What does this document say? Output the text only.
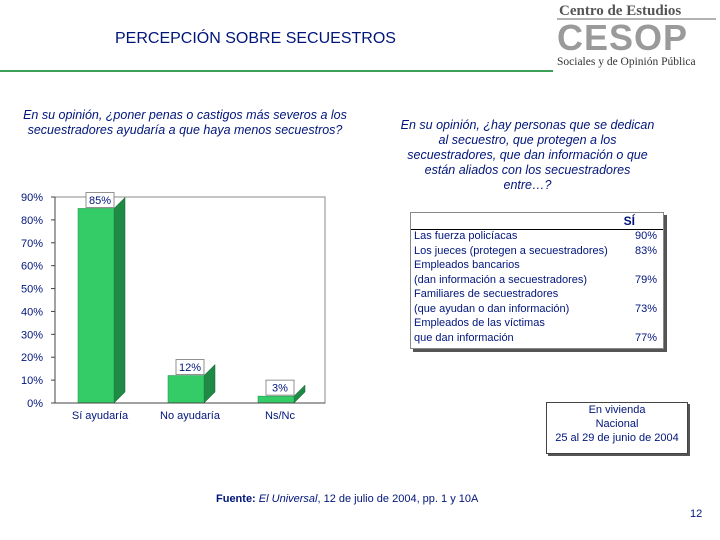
PERCEPCIÓN SOBRE SECUESTROS
Centro de Estudios
CESOP
Sociales y de Opinión Pública
En su opinión, ¿poner penas o castigos más severos a los secuestradores ayudaría a que haya menos secuestros?	En su opinión, ¿hay personas que se dedican al secuestro, que protegen a los secuestradores, que dan información o que están aliados con los secuestradores entre…?
0%
10%
20%
30%
40%
50%
60%
70%
80%
90%	85%
12%
3%
Sí ayudaría	No ayudaría	Ns/Nc
SÍ
Las fuerza policíacas	90%
Los jueces (protegen a secuestradores) 83%
Empleados bancarios
(dan información a secuestradores)	79%
Familiares de secuestradores
(que ayudan o dan información)	73%
Empleados de las víctimas
que dan información	77%
En vivienda
Nacional
25 al 29 de junio de 2004
Fuente: El Universal, 12 de julio de 2004, pp. 1 y 10A
12
